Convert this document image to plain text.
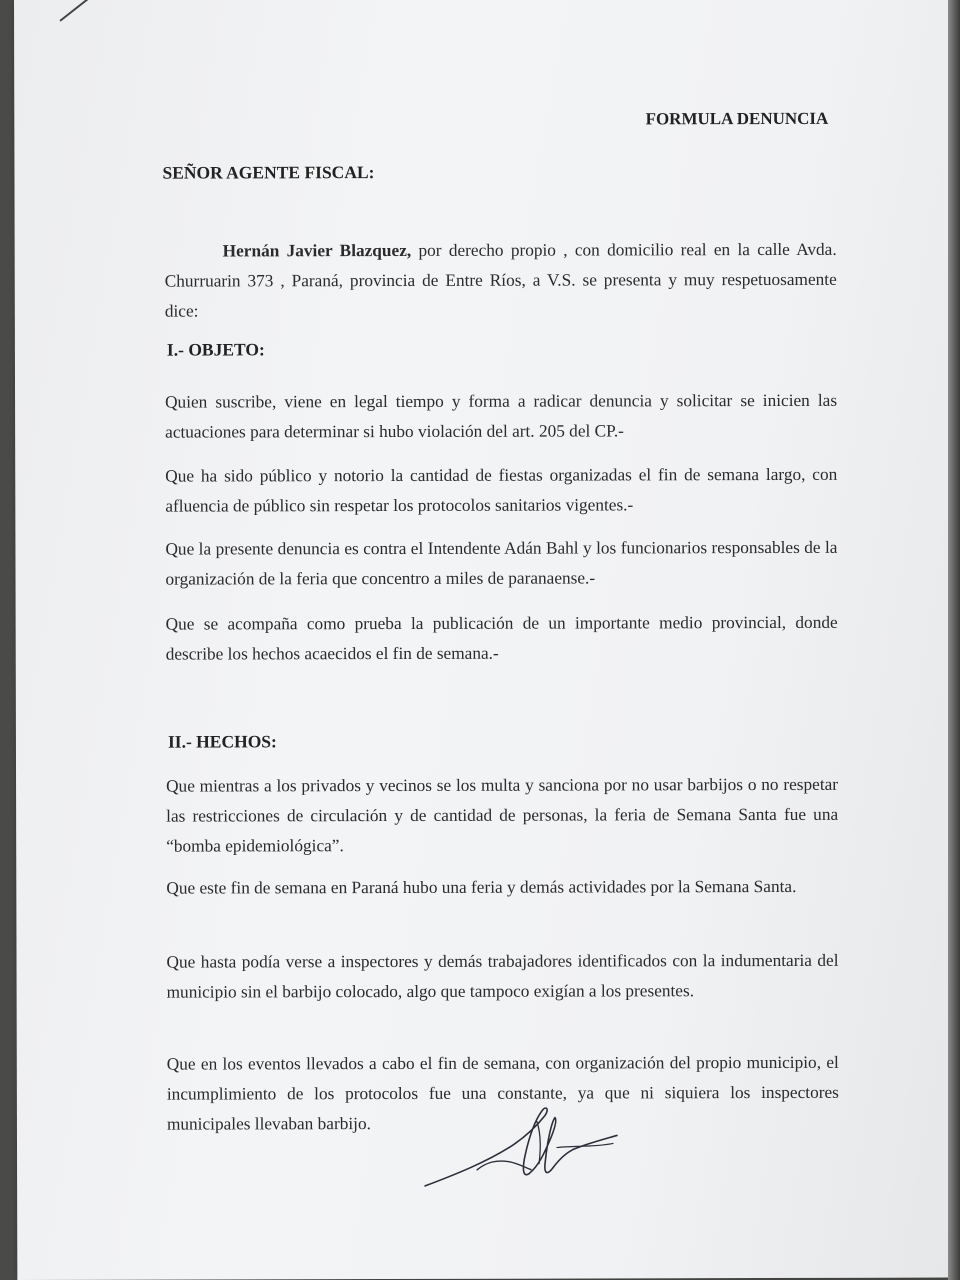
FORMULA DENUNCIA
SEÑOR AGENTE FISCAL:
Hernán Javier Blazquez, por derecho propio , con domicilio real en la calle Avda. Churruarin 373 , Paraná, provincia de Entre Ríos, a V.S. se presenta y muy respetuosamente dice:
I.- OBJETO:
Quien suscribe, viene en legal tiempo y forma a radicar denuncia y solicitar se inicien las actuaciones para determinar si hubo violación del art. 205 del CP.-
Que ha sido público y notorio la cantidad de fiestas organizadas el fin de semana largo, con afluencia de público sin respetar los protocolos sanitarios vigentes.-
Que la presente denuncia es contra el Intendente Adán Bahl y los funcionarios responsables de la organización de la feria que concentro a miles de paranaense.-
Que se acompaña como prueba la publicación de un importante medio provincial, donde describe los hechos acaecidos el fin de semana.-
II.- HECHOS:
Que mientras a los privados y vecinos se los multa y sanciona por no usar barbijos o no respetar las restricciones de circulación y de cantidad de personas, la feria de Semana Santa fue una “bomba epidemiológica”.
Que este fin de semana en Paraná hubo una feria y demás actividades por la Semana Santa.
Que hasta podía verse a inspectores y demás trabajadores identificados con la indumentaria del municipio sin el barbijo colocado, algo que tampoco exigían a los presentes.
Que en los eventos llevados a cabo el fin de semana, con organización del propio municipio, el incumplimiento de los protocolos fue una constante, ya que ni siquiera los inspectores municipales llevaban barbijo.
